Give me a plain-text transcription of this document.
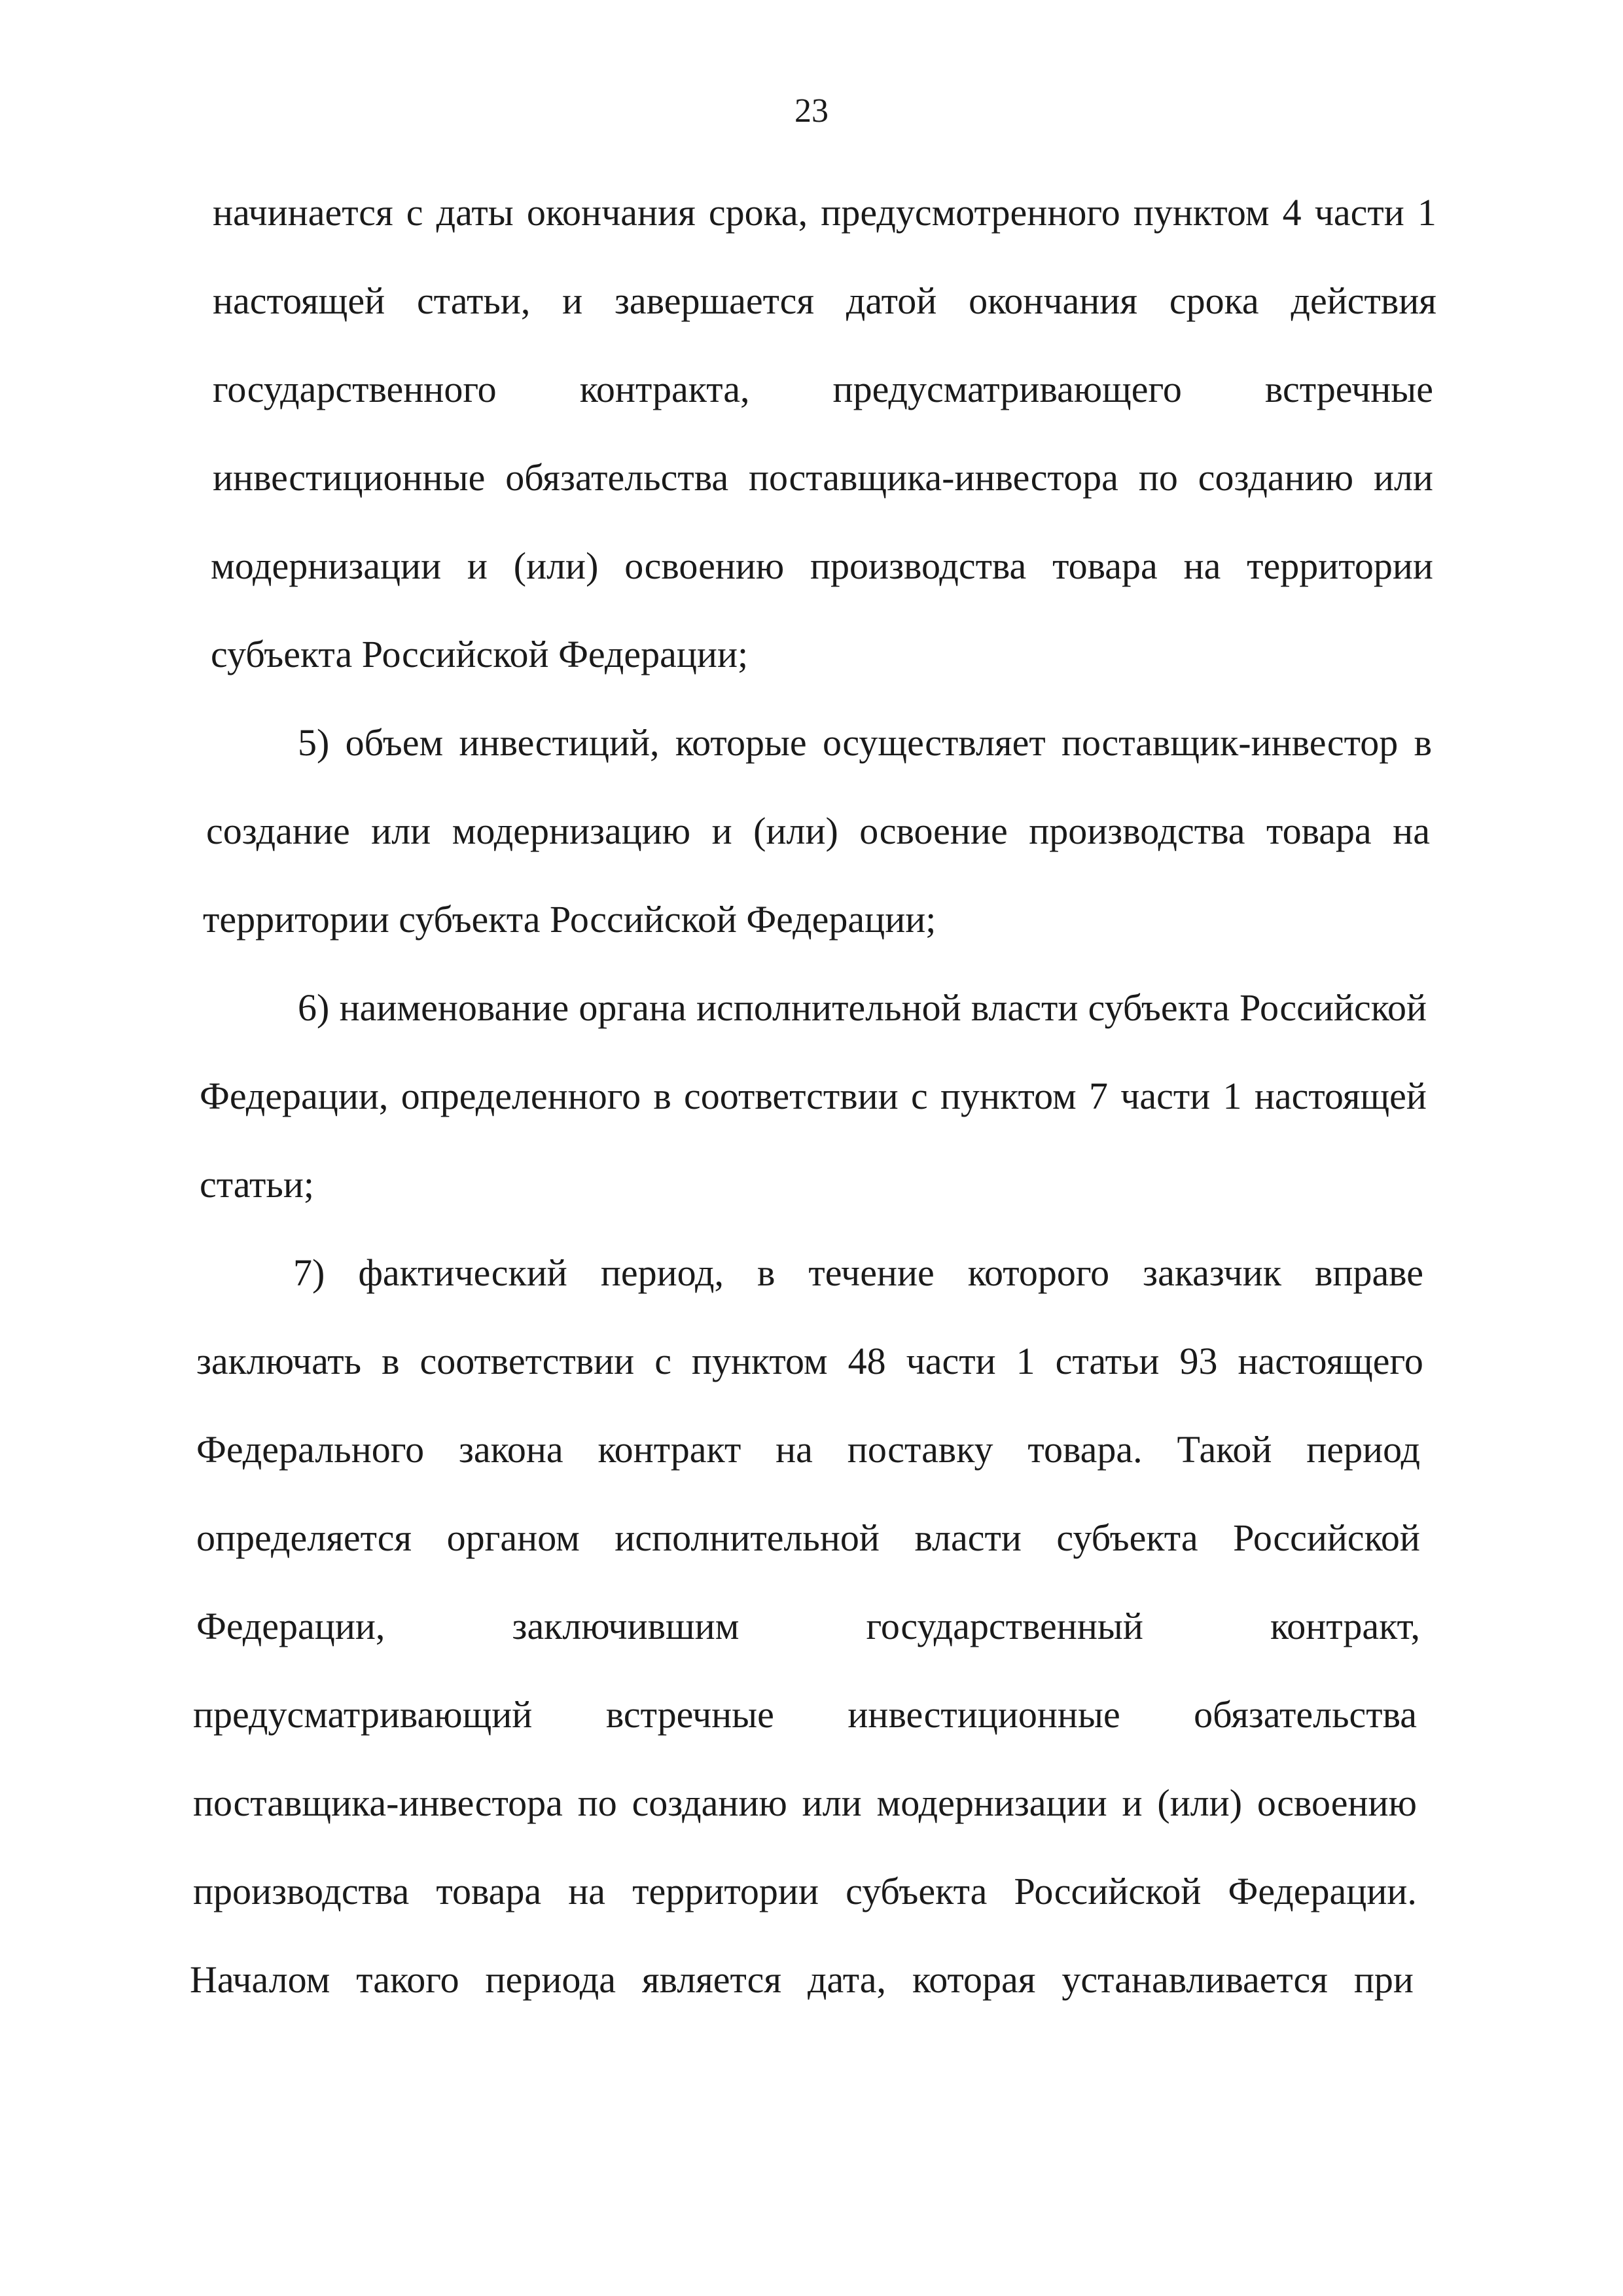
23
начинается с даты окончания срока, предусмотренного пунктом 4 части 1
настоящей статьи, и завершается датой окончания срока действия
государственного контракта, предусматривающего встречные
инвестиционные обязательства поставщика-инвестора по созданию или
модернизации и (или) освоению производства товара на территории
субъекта Российской Федерации;
5) объем инвестиций, которые осуществляет поставщик-инвестор в
создание или модернизацию и (или) освоение производства товара на
территории субъекта Российской Федерации;
6) наименование органа исполнительной власти субъекта Российской
Федерации, определенного в соответствии с пунктом 7 части 1 настоящей
статьи;
7) фактический период, в течение которого заказчик вправе
заключать в соответствии с пунктом 48 части 1 статьи 93 настоящего
Федерального закона контракт на поставку товара. Такой период
определяется органом исполнительной власти субъекта Российской
Федерации,	заключившим	государственный	контракт,
предусматривающий встречные инвестиционные обязательства
поставщика-инвестора по созданию или модернизации и (или) освоению
производства товара на территории субъекта Российской Федерации.
Началом такого периода является дата, которая устанавливается при
